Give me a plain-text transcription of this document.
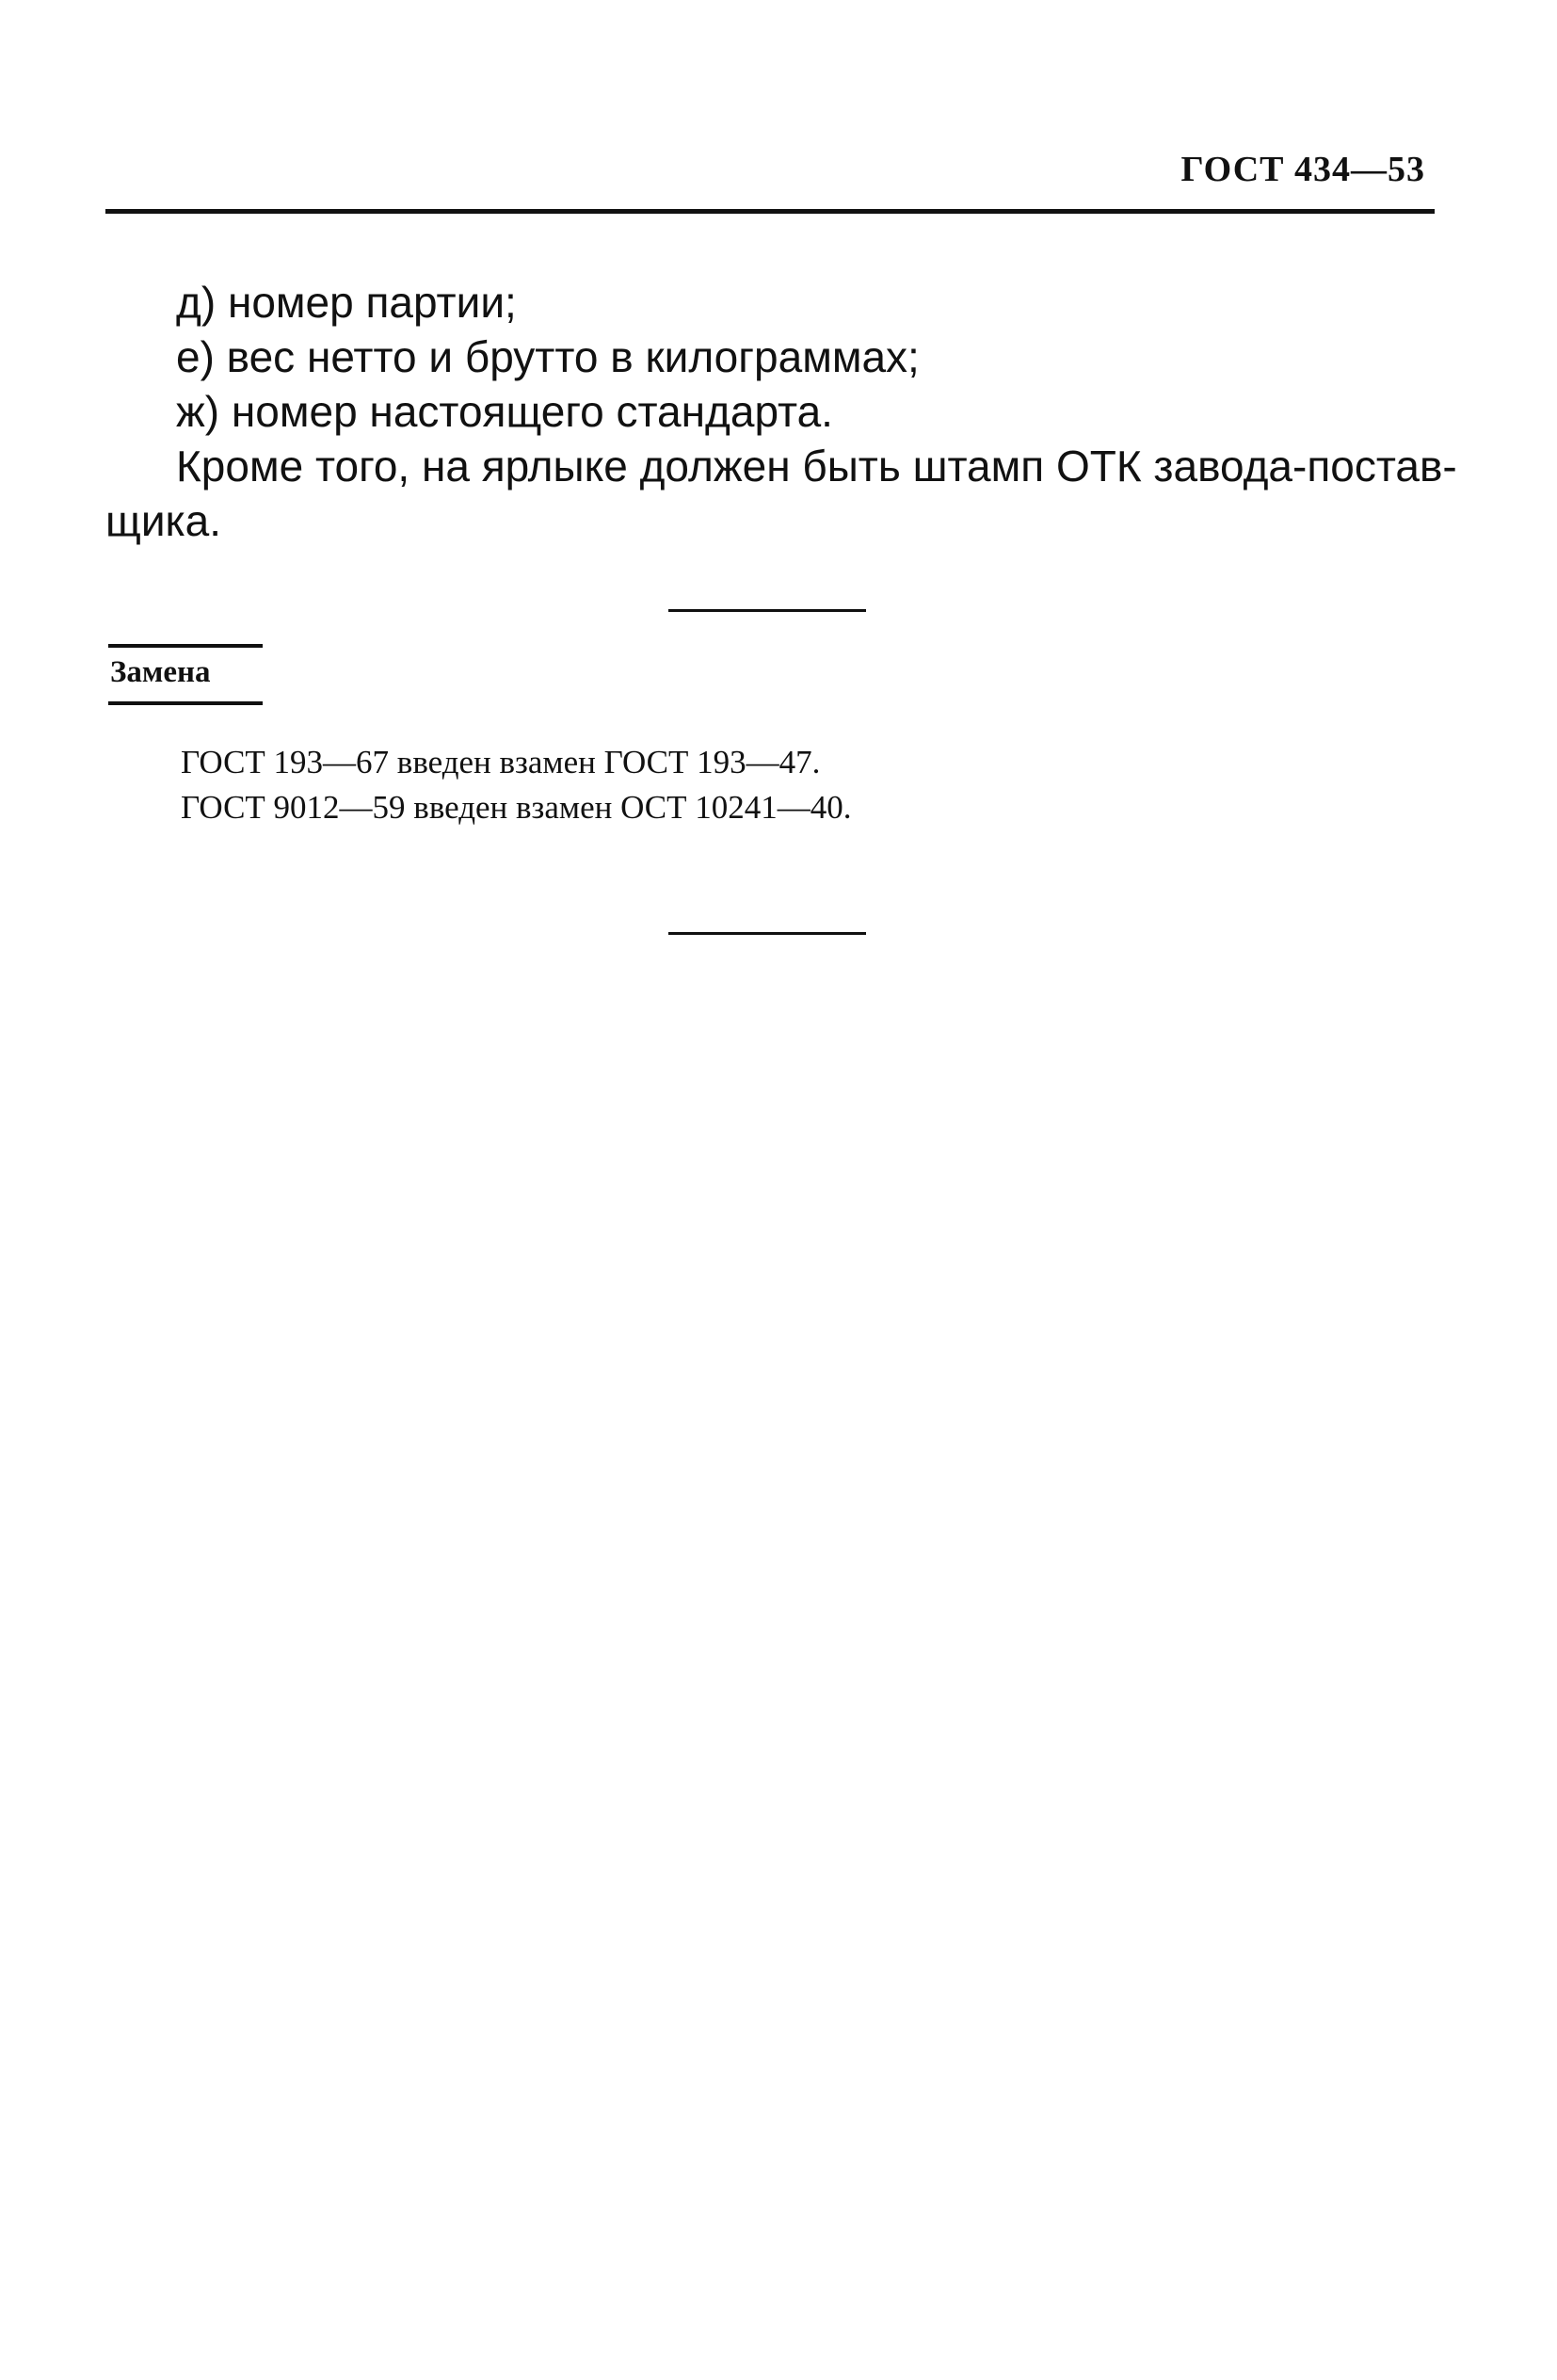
ГОСТ 434—53
д) номер партии;
е) вес нетто и брутто в килограммах;
ж) номер настоящего стандарта.
Кроме того, на ярлыке должен быть штамп ОТК завода-постав-
щика.
Замена
ГОСТ 193—67 введен взамен ГОСТ 193—47.
ГОСТ 9012—59 введен взамен ОСТ 10241—40.
